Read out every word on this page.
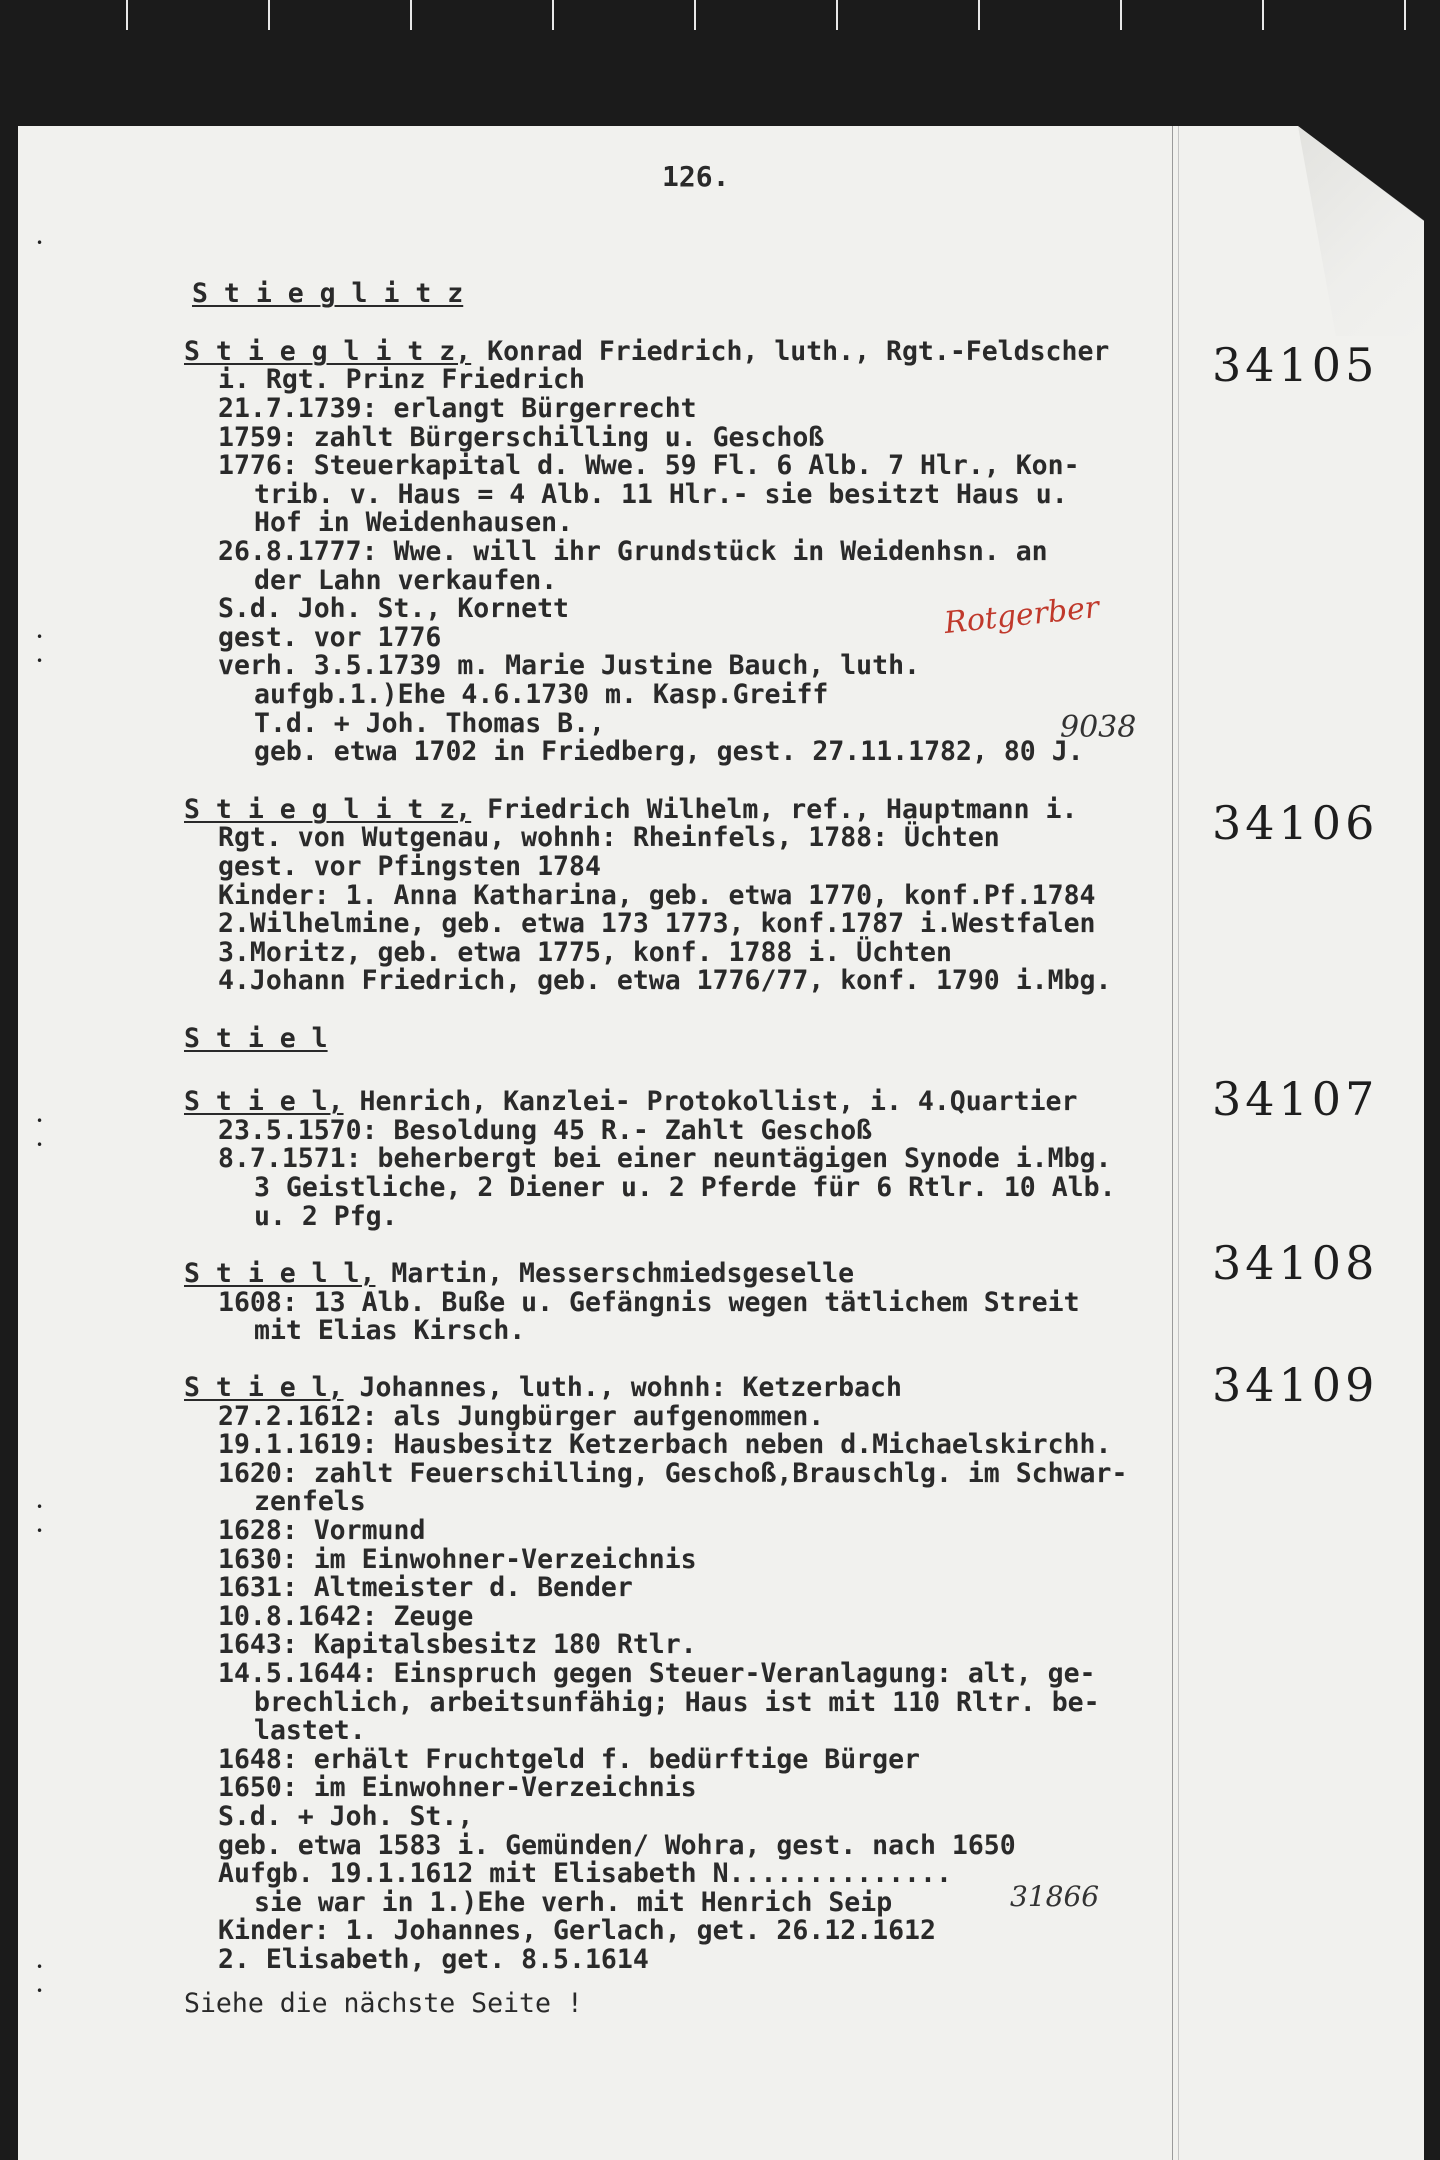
•
•
•
•
•
•
•
•
•
126.

S t i e g l i t z

S t i e g l i t z, Konrad Friedrich, luth., Rgt.-Feldscher

i. Rgt. Prinz Friedrich

21.7.1739: erlangt Bürgerrecht

1759: zahlt Bürgerschilling u. Geschoß

1776: Steuerkapital d. Wwe. 59 Fl. 6 Alb. 7 Hlr., Kon-

trib. v. Haus = 4 Alb. 11 Hlr.- sie besitzt Haus u.

Hof in Weidenhausen.

26.8.1777: Wwe. will ihr Grundstück in Weidenhsn. an

der Lahn verkaufen.

S.d. Joh. St., Kornett

gest. vor 1776

verh. 3.5.1739 m. Marie Justine Bauch, luth.

aufgb.1.)Ehe 4.6.1730 m. Kasp.Greiff

T.d. + Joh. Thomas B.,

geb. etwa 1702 in Friedberg, gest. 27.11.1782, 80 J.

S t i e g l i t z, Friedrich Wilhelm, ref., Hauptmann i.

Rgt. von Wutgenau, wohnh: Rheinfels, 1788: Üchten

gest. vor Pfingsten 1784

Kinder: 1. Anna Katharina, geb. etwa 1770, konf.Pf.1784

2.Wilhelmine, geb. etwa 173 1773, konf.1787 i.Westfalen

3.Moritz, geb. etwa 1775, konf. 1788 i. Üchten

4.Johann Friedrich, geb. etwa 1776/77, konf. 1790 i.Mbg.

S t i e l

S t i e l, Henrich, Kanzlei- Protokollist, i. 4.Quartier

23.5.1570: Besoldung 45 R.- Zahlt Geschoß

8.7.1571: beherbergt bei einer neuntägigen Synode i.Mbg.

3 Geistliche, 2 Diener u. 2 Pferde für 6 Rtlr. 10 Alb.

u. 2 Pfg.

S t i e l l, Martin, Messerschmiedsgeselle

1608: 13 Alb. Buße u. Gefängnis wegen tätlichem Streit

mit Elias Kirsch.

S t i e l, Johannes, luth., wohnh: Ketzerbach

27.2.1612: als Jungbürger aufgenommen.

19.1.1619: Hausbesitz Ketzerbach neben d.Michaelskirchh.

1620: zahlt Feuerschilling, Geschoß,Brauschlg. im Schwar-

zenfels

1628: Vormund

1630: im Einwohner-Verzeichnis

1631: Altmeister d. Bender

10.8.1642: Zeuge

1643: Kapitalsbesitz 180 Rtlr.

14.5.1644: Einspruch gegen Steuer-Veranlagung: alt, ge-

brechlich, arbeitsunfähig; Haus ist mit 110 Rltr. be-

lastet.

1648: erhält Fruchtgeld f. bedürftige Bürger

1650: im Einwohner-Verzeichnis

S.d. + Joh. St.,

geb. etwa 1583 i. Gemünden/ Wohra, gest. nach 1650

Aufgb. 19.1.1612 mit Elisabeth N..............

sie war in 1.)Ehe verh. mit Henrich Seip

Kinder: 1. Johannes, Gerlach, get. 26.12.1612

2. Elisabeth, get. 8.5.1614

Siehe die nächste Seite !

34105
34106
34107
34108
34109
Rotgerber
9038
31866
